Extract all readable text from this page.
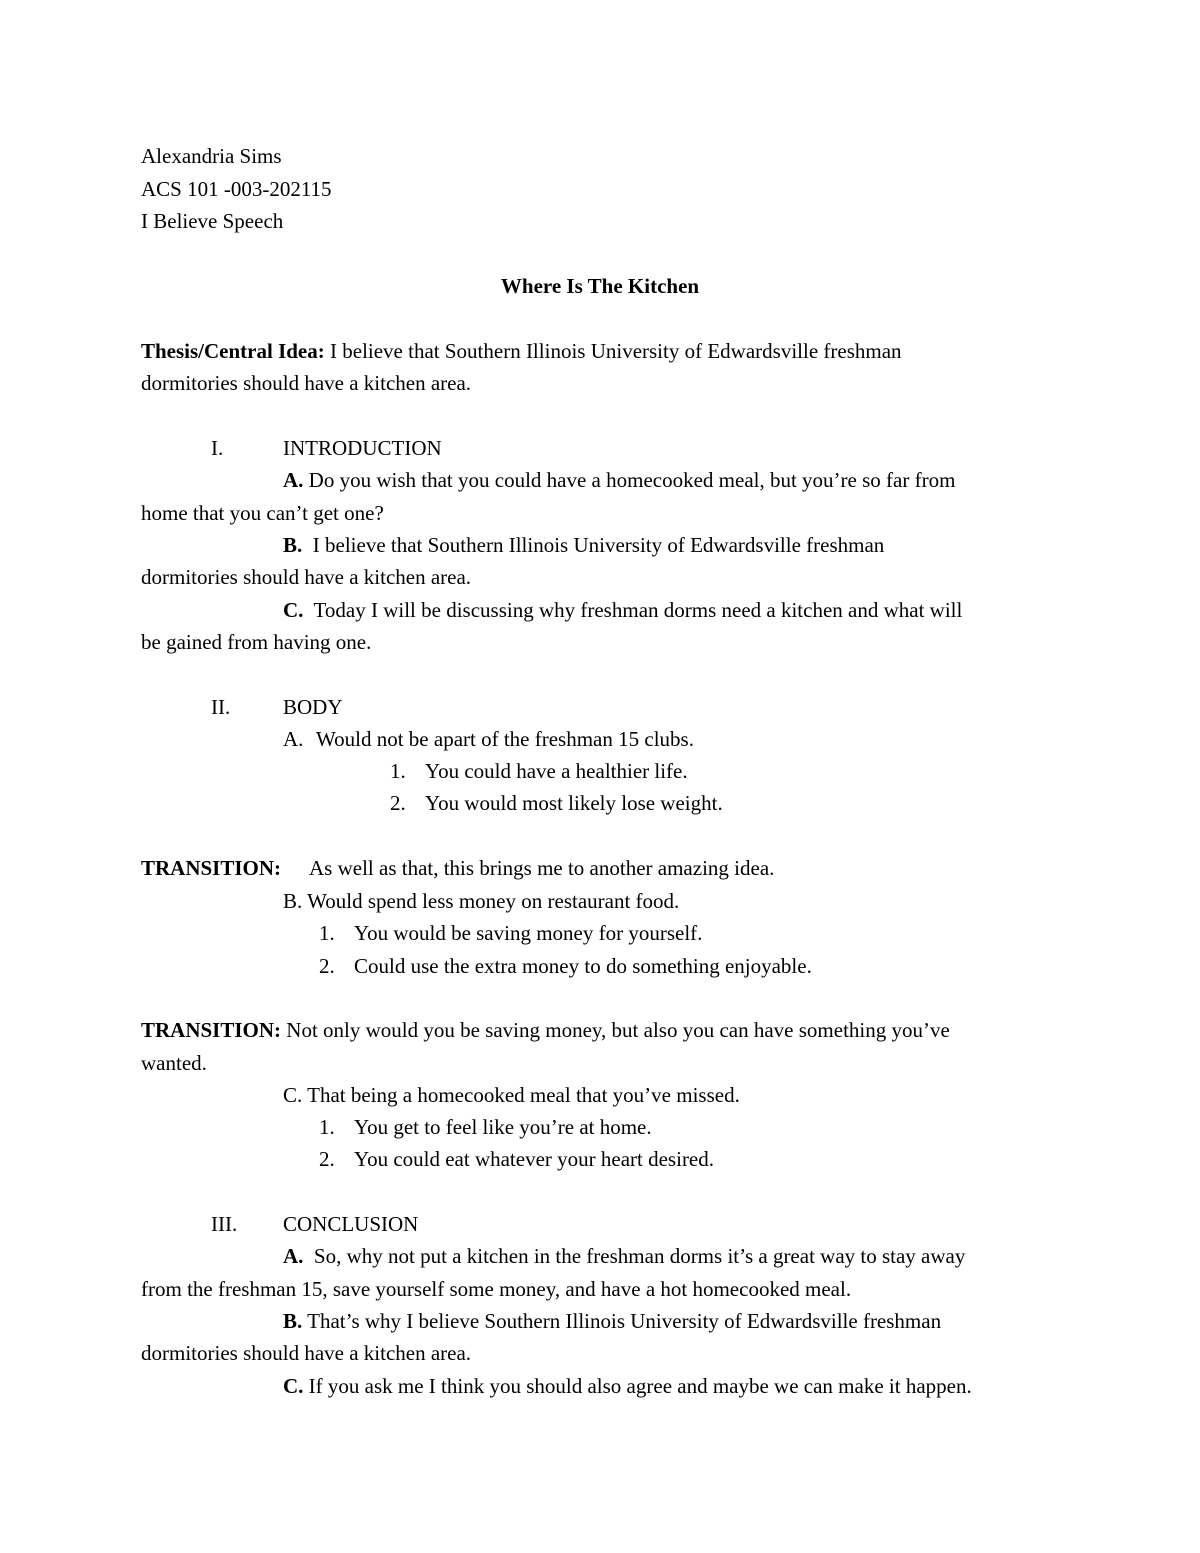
Alexandria Sims
ACS 101 -003-202115
I Believe Speech
Where Is The Kitchen
Thesis/Central Idea: I believe that Southern Illinois University of Edwardsville freshman
dormitories should have a kitchen area.
I.	INTRODUCTION
A. Do you wish that you could have a homecooked meal, but you’re so far from
home that you can’t get one?
B.  I believe that Southern Illinois University of Edwardsville freshman
dormitories should have a kitchen area.
C.  Today I will be discussing why freshman dorms need a kitchen and what will
be gained from having one.
II.	BODY
A. Would not be apart of the freshman 15 clubs.
1. You could have a healthier life.
2. You would most likely lose weight.
TRANSITION: As well as that, this brings me to another amazing idea.
B. Would spend less money on restaurant food.
1. You would be saving money for yourself.
2. Could use the extra money to do something enjoyable.
TRANSITION: Not only would you be saving money, but also you can have something you’ve
wanted.
C. That being a homecooked meal that you’ve missed.
1. You get to feel like you’re at home.
2. You could eat whatever your heart desired.
III. CONCLUSION
A.  So, why not put a kitchen in the freshman dorms it’s a great way to stay away
from the freshman 15, save yourself some money, and have a hot homecooked meal.
B. That’s why I believe Southern Illinois University of Edwardsville freshman
dormitories should have a kitchen area.
C. If you ask me I think you should also agree and maybe we can make it happen.
